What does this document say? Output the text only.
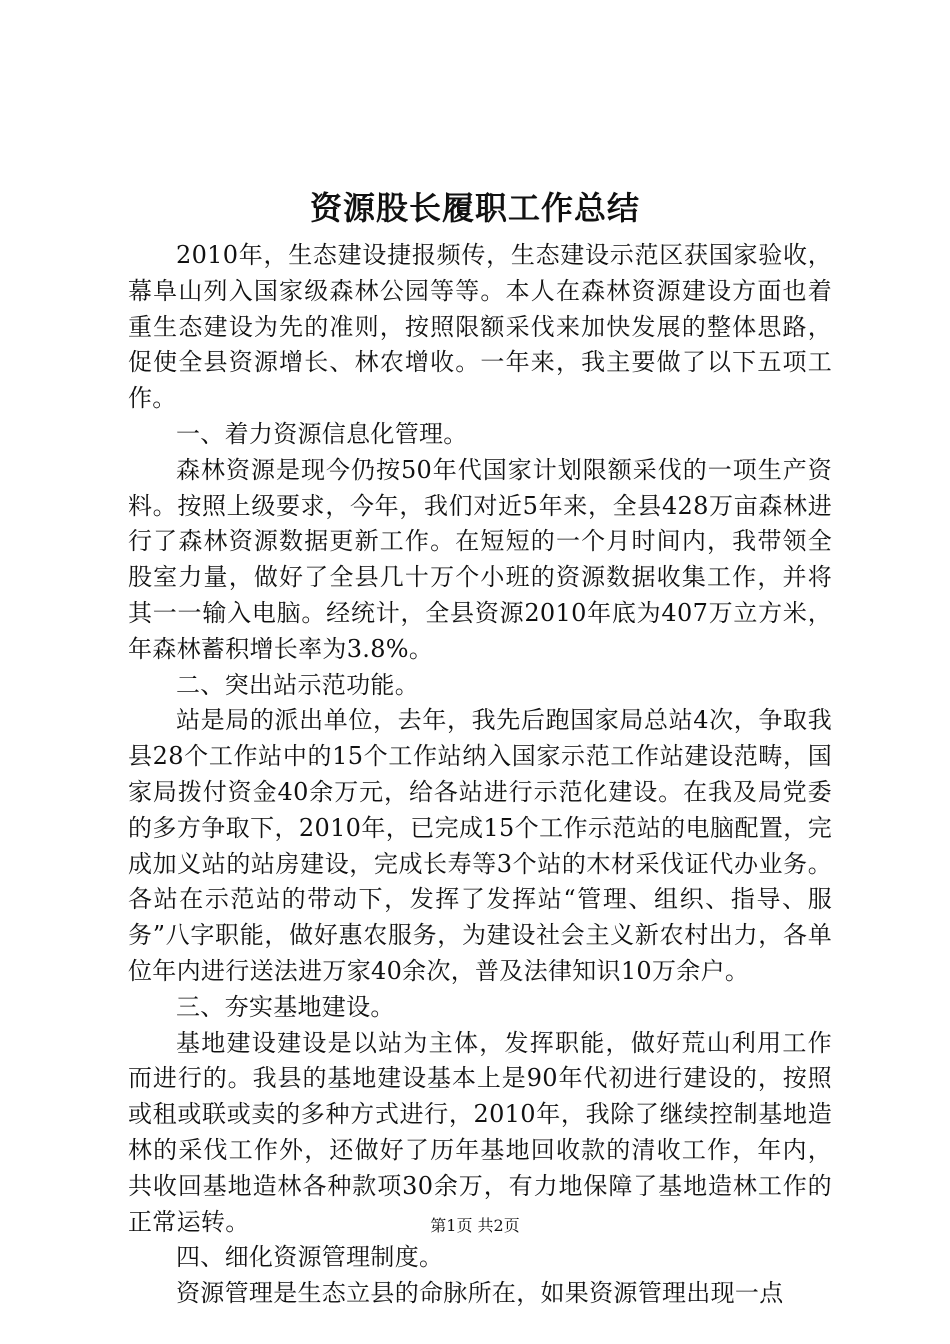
资源股长履职工作总结

2010年，生态建设捷报频传，生态建设示范区获国家验收，幕阜山列入国家级森林公园等等。本人在森林资源建设方面也着重生态建设为先的准则，按照限额采伐来加快发展的整体思路，促使全县资源增长、林农增收。一年来，我主要做了以下五项工作。

一、着力资源信息化管理。

森林资源是现今仍按50年代国家计划限额采伐的一项生产资料。按照上级要求，今年，我们对近5年来，全县428万亩森林进行了森林资源数据更新工作。在短短的一个月时间内，我带领全股室力量，做好了全县几十万个小班的资源数据收集工作，并将其一一输入电脑。经统计，全县资源2010年底为407万立方米，年森林蓄积增长率为3.8%。

二、突出站示范功能。

站是局的派出单位，去年，我先后跑国家局总站4次，争取我县28个工作站中的15个工作站纳入国家示范工作站建设范畴，国家局拨付资金40余万元，给各站进行示范化建设。在我及局党委的多方争取下，2010年，已完成15个工作示范站的电脑配置，完成加义站的站房建设，完成长寿等3个站的木材采伐证代办业务。各站在示范站的带动下，发挥了发挥站“管理、组织、指导、服务”八字职能，做好惠农服务，为建设社会主义新农村出力，各单位年内进行送法进万家40余次，普及法律知识10万余户。

三、夯实基地建设。

基地建设建设是以站为主体，发挥职能，做好荒山利用工作而进行的。我县的基地建设基本上是90年代初进行建设的，按照或租或联或卖的多种方式进行，2010年，我除了继续控制基地造林的采伐工作外，还做好了历年基地回收款的清收工作，年内，共收回基地造林各种款项30余万，有力地保障了基地造林工作的正常运转。

四、细化资源管理制度。

资源管理是生态立县的命脉所在，如果资源管理出现一点

第1页 共2页
